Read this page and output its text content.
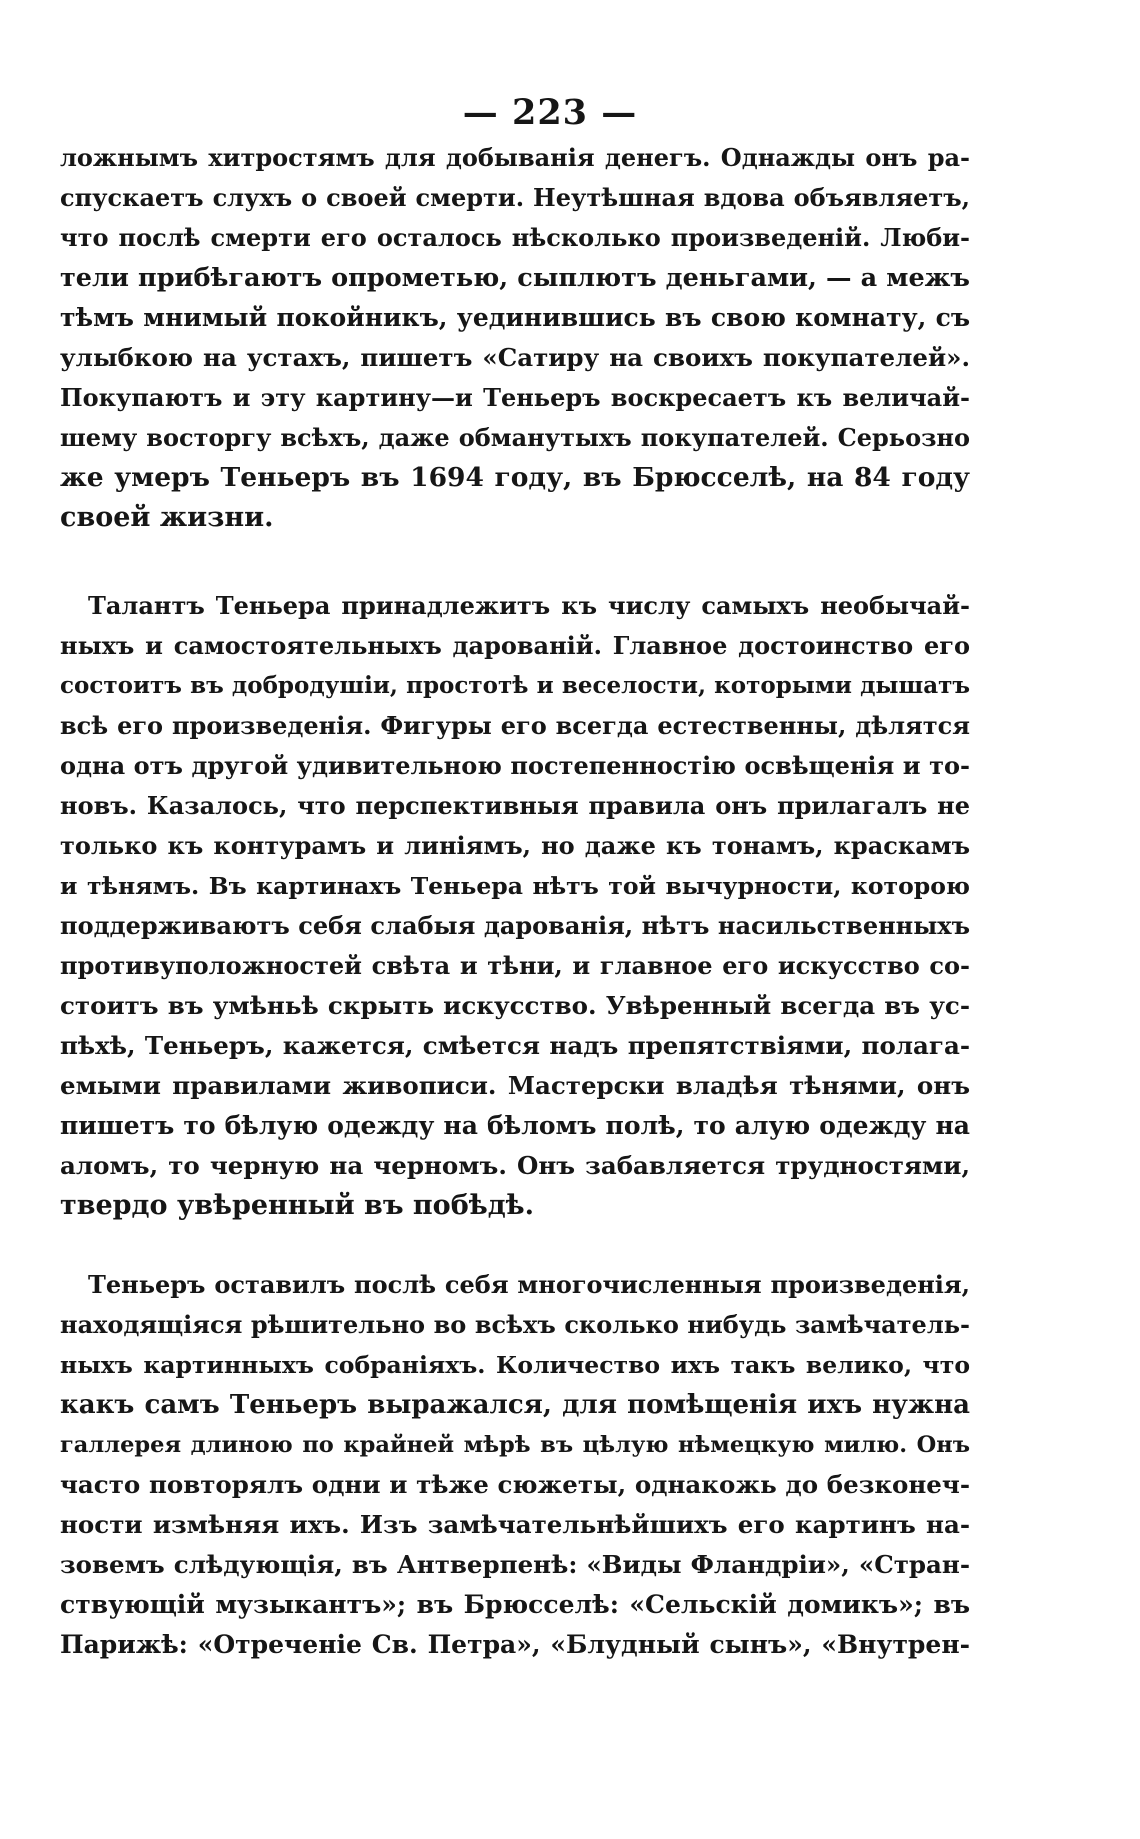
— 223 —
ложнымъ хитростямъ для добыванія денегъ. Однажды онъ ра-
спускаетъ слухъ о своей смерти. Неутѣшная вдова объявляетъ,
что послѣ смерти его осталось нѣсколько произведеній. Люби-
тели прибѣгаютъ опрометью, сыплютъ деньгами, — а межъ
тѣмъ мнимый покойникъ, уединившись въ свою комнату, съ
улыбкою на устахъ, пишетъ «Сатиру на своихъ покупателей».
Покупаютъ и эту картину—и Теньеръ воскресаетъ къ величай-
шему восторгу всѣхъ, даже обманутыхъ покупателей. Серьозно
же умеръ Теньеръ въ 1694 году, въ Брюсселѣ, на 84 году
своей жизни.
Талантъ Теньера принадлежитъ къ числу самыхъ необычай-
ныхъ и самостоятельныхъ дарованій. Главное достоинство его
состоитъ въ добродушіи, простотѣ и веселости, которыми дышатъ
всѣ его произведенія. Фигуры его всегда естественны, дѣлятся
одна отъ другой удивительною постепенностію освѣщенія и то-
новъ. Казалось, что перспективныя правила онъ прилагалъ не
только къ контурамъ и линіямъ, но даже къ тонамъ, краскамъ
и тѣнямъ. Въ картинахъ Теньера нѣтъ той вычурности, которою
поддерживаютъ себя слабыя дарованія, нѣтъ насильственныхъ
противуположностей свѣта и тѣни, и главное его искусство со-
стоитъ въ умѣньѣ скрыть искусство. Увѣренный всегда въ ус-
пѣхѣ, Теньеръ, кажется, смѣется надъ препятствіями, полага-
емыми правилами живописи. Мастерски владѣя тѣнями, онъ
пишетъ то бѣлую одежду на бѣломъ полѣ, то алую одежду на
аломъ, то черную на черномъ. Онъ забавляется трудностями,
твердо увѣренный въ побѣдѣ.
Теньеръ оставилъ послѣ себя многочисленныя произведенія,
находящіяся рѣшительно во всѣхъ сколько нибудь замѣчатель-
ныхъ картинныхъ собраніяхъ. Количество ихъ такъ велико, что
какъ самъ Теньеръ выражался, для помѣщенія ихъ нужна
галлерея длиною по крайней мѣрѣ въ цѣлую нѣмецкую милю. Онъ
часто повторялъ одни и тѣже сюжеты, однакожь до безконеч-
ности измѣняя ихъ. Изъ замѣчательнѣйшихъ его картинъ на-
зовемъ слѣдующія, въ Антверпенѣ: «Виды Фландріи», «Стран-
ствующій музыкантъ»; въ Брюсселѣ: «Сельскій домикъ»; въ
Парижѣ: «Отреченіе Св. Петра», «Блудный сынъ», «Внутрен-
